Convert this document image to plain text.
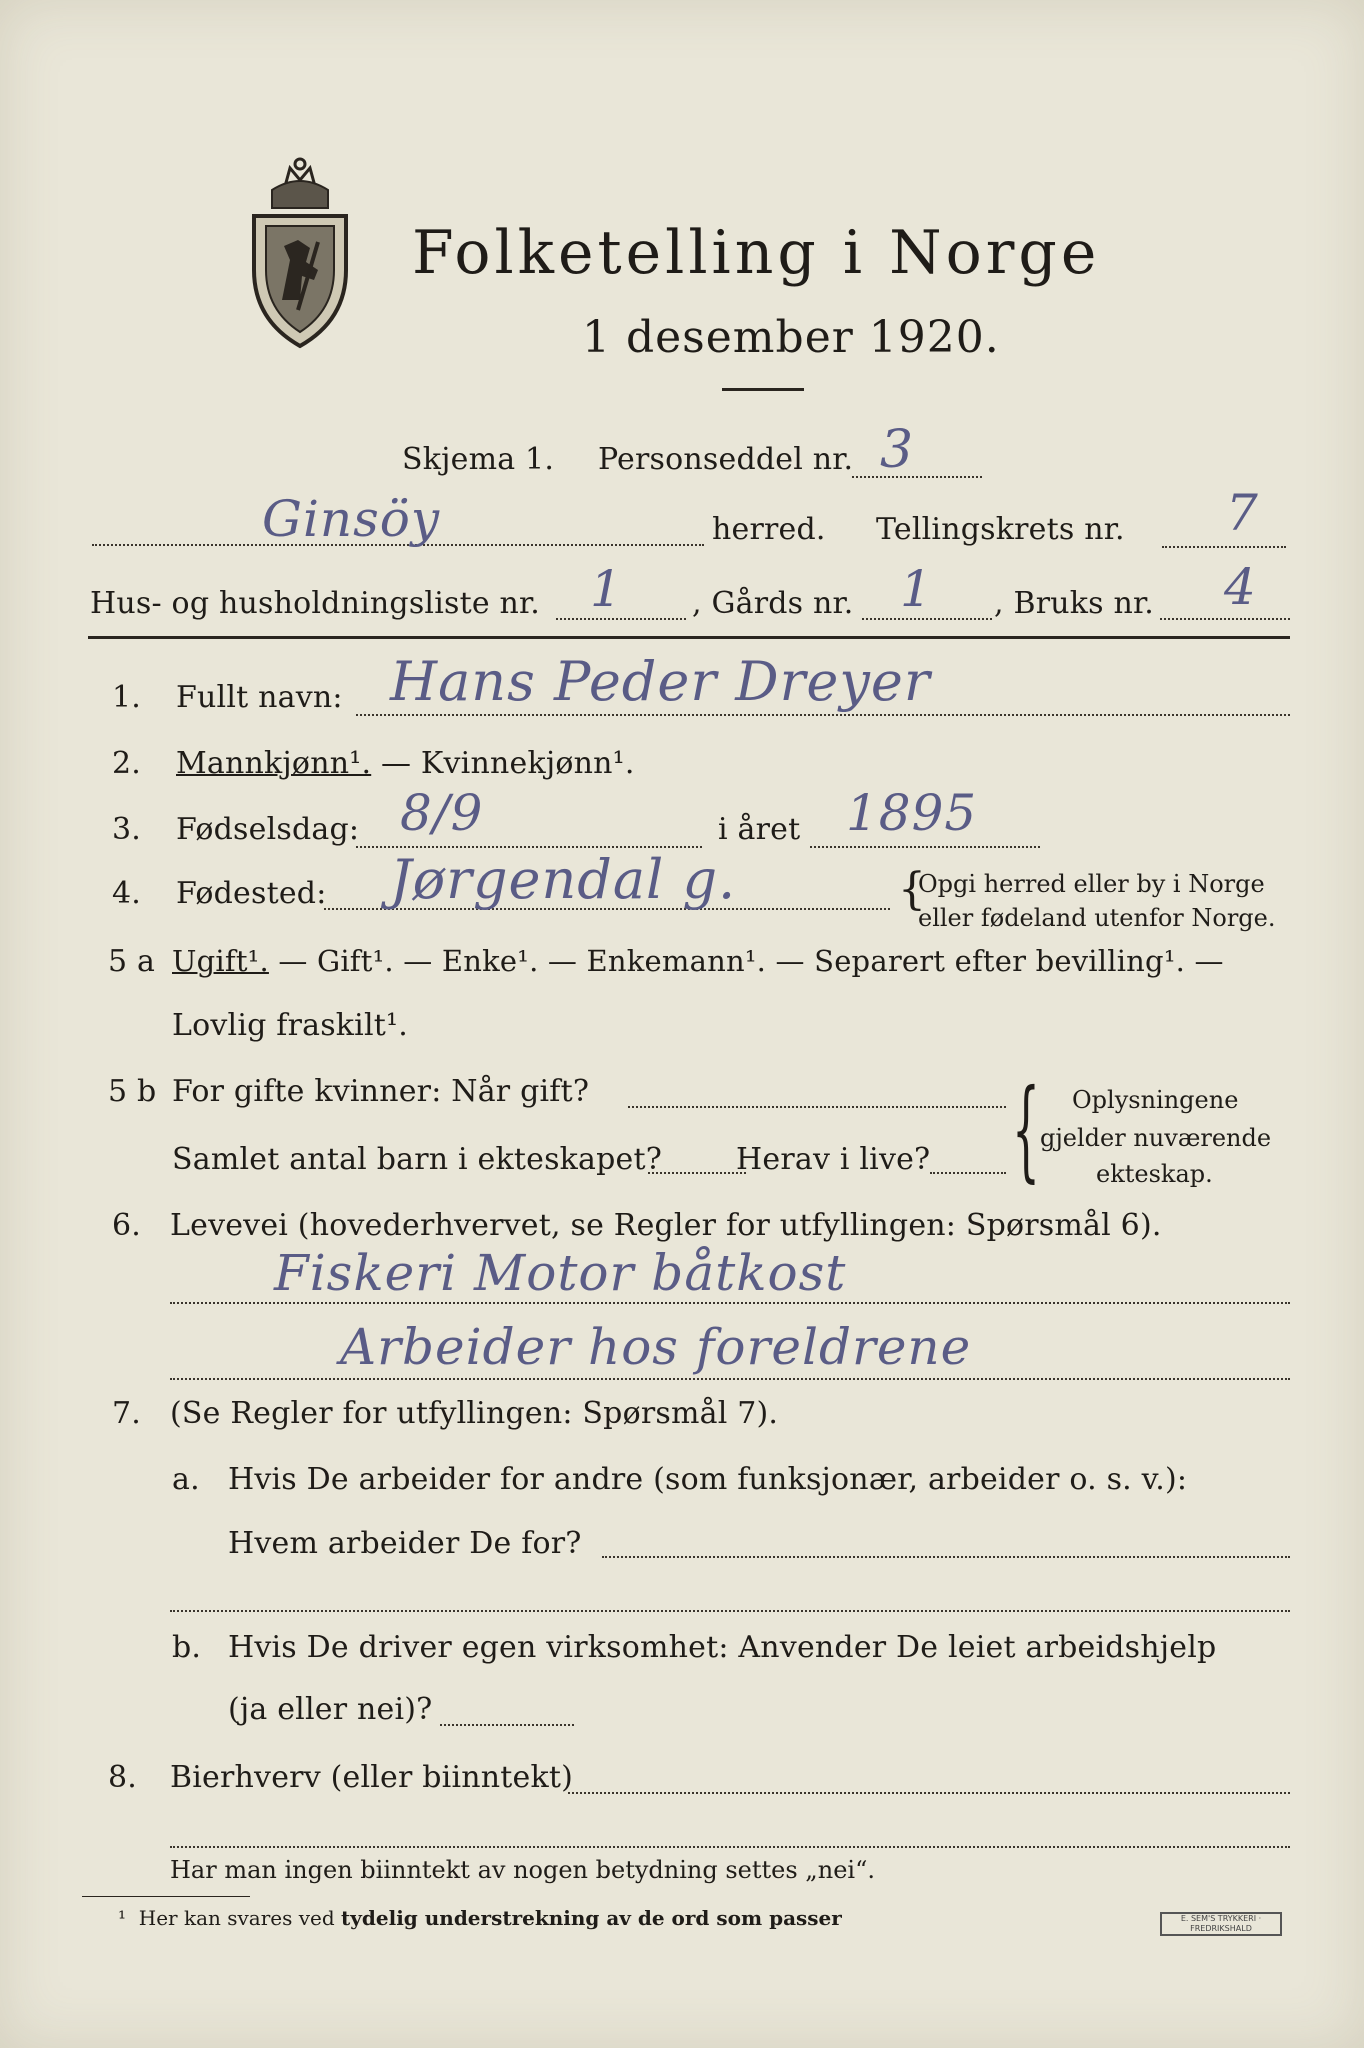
Folketelling i Norge
1 desember 1920.
Skjema 1. Personseddel nr. 3
Ginsöy	herred. Tellingskrets nr. 7
Hus- og husholdningsliste nr. 1 , Gårds nr. 1 , Bruks nr. 4
1. Fullt navn: Hans Peder Dreyer
2. Mannkjønn¹. — Kvinnekjønn¹.
3. Fødselsdag: 8/9	i året 1895
4. Fødested: Jørgendal g.	{
Opgi herred eller by i Norge
eller fødeland utenfor Norge.
5 a Ugift¹. — Gift¹. — Enke¹. — Enkemann¹. — Separert efter bevilling¹. —
Lovlig fraskilt¹.
5 b For gifte kvinner: Når gift?
Samlet antal barn i ekteskapet? Herav i live? { Oplysningene
gjelder nuværende
ekteskap.
6. Levevei (hovederhvervet, se Regler for utfyllingen: Spørsmål 6).
Fiskeri Motor båtkost
Arbeider hos foreldrene
7. (Se Regler for utfyllingen: Spørsmål 7).
a. Hvis De arbeider for andre (som funksjonær, arbeider o. s. v.):
Hvem arbeider De for?
b. Hvis De driver egen virksomhet: Anvender De leiet arbeidshjelp
(ja eller nei)?
8. Bierhverv (eller biinntekt)
Har man ingen biinntekt av nogen betydning settes „nei“.
¹ Her kan svares ved tydelig understrekning av de ord som passer	E. SEM'S TRYKKERI · FREDRIKSHALD
